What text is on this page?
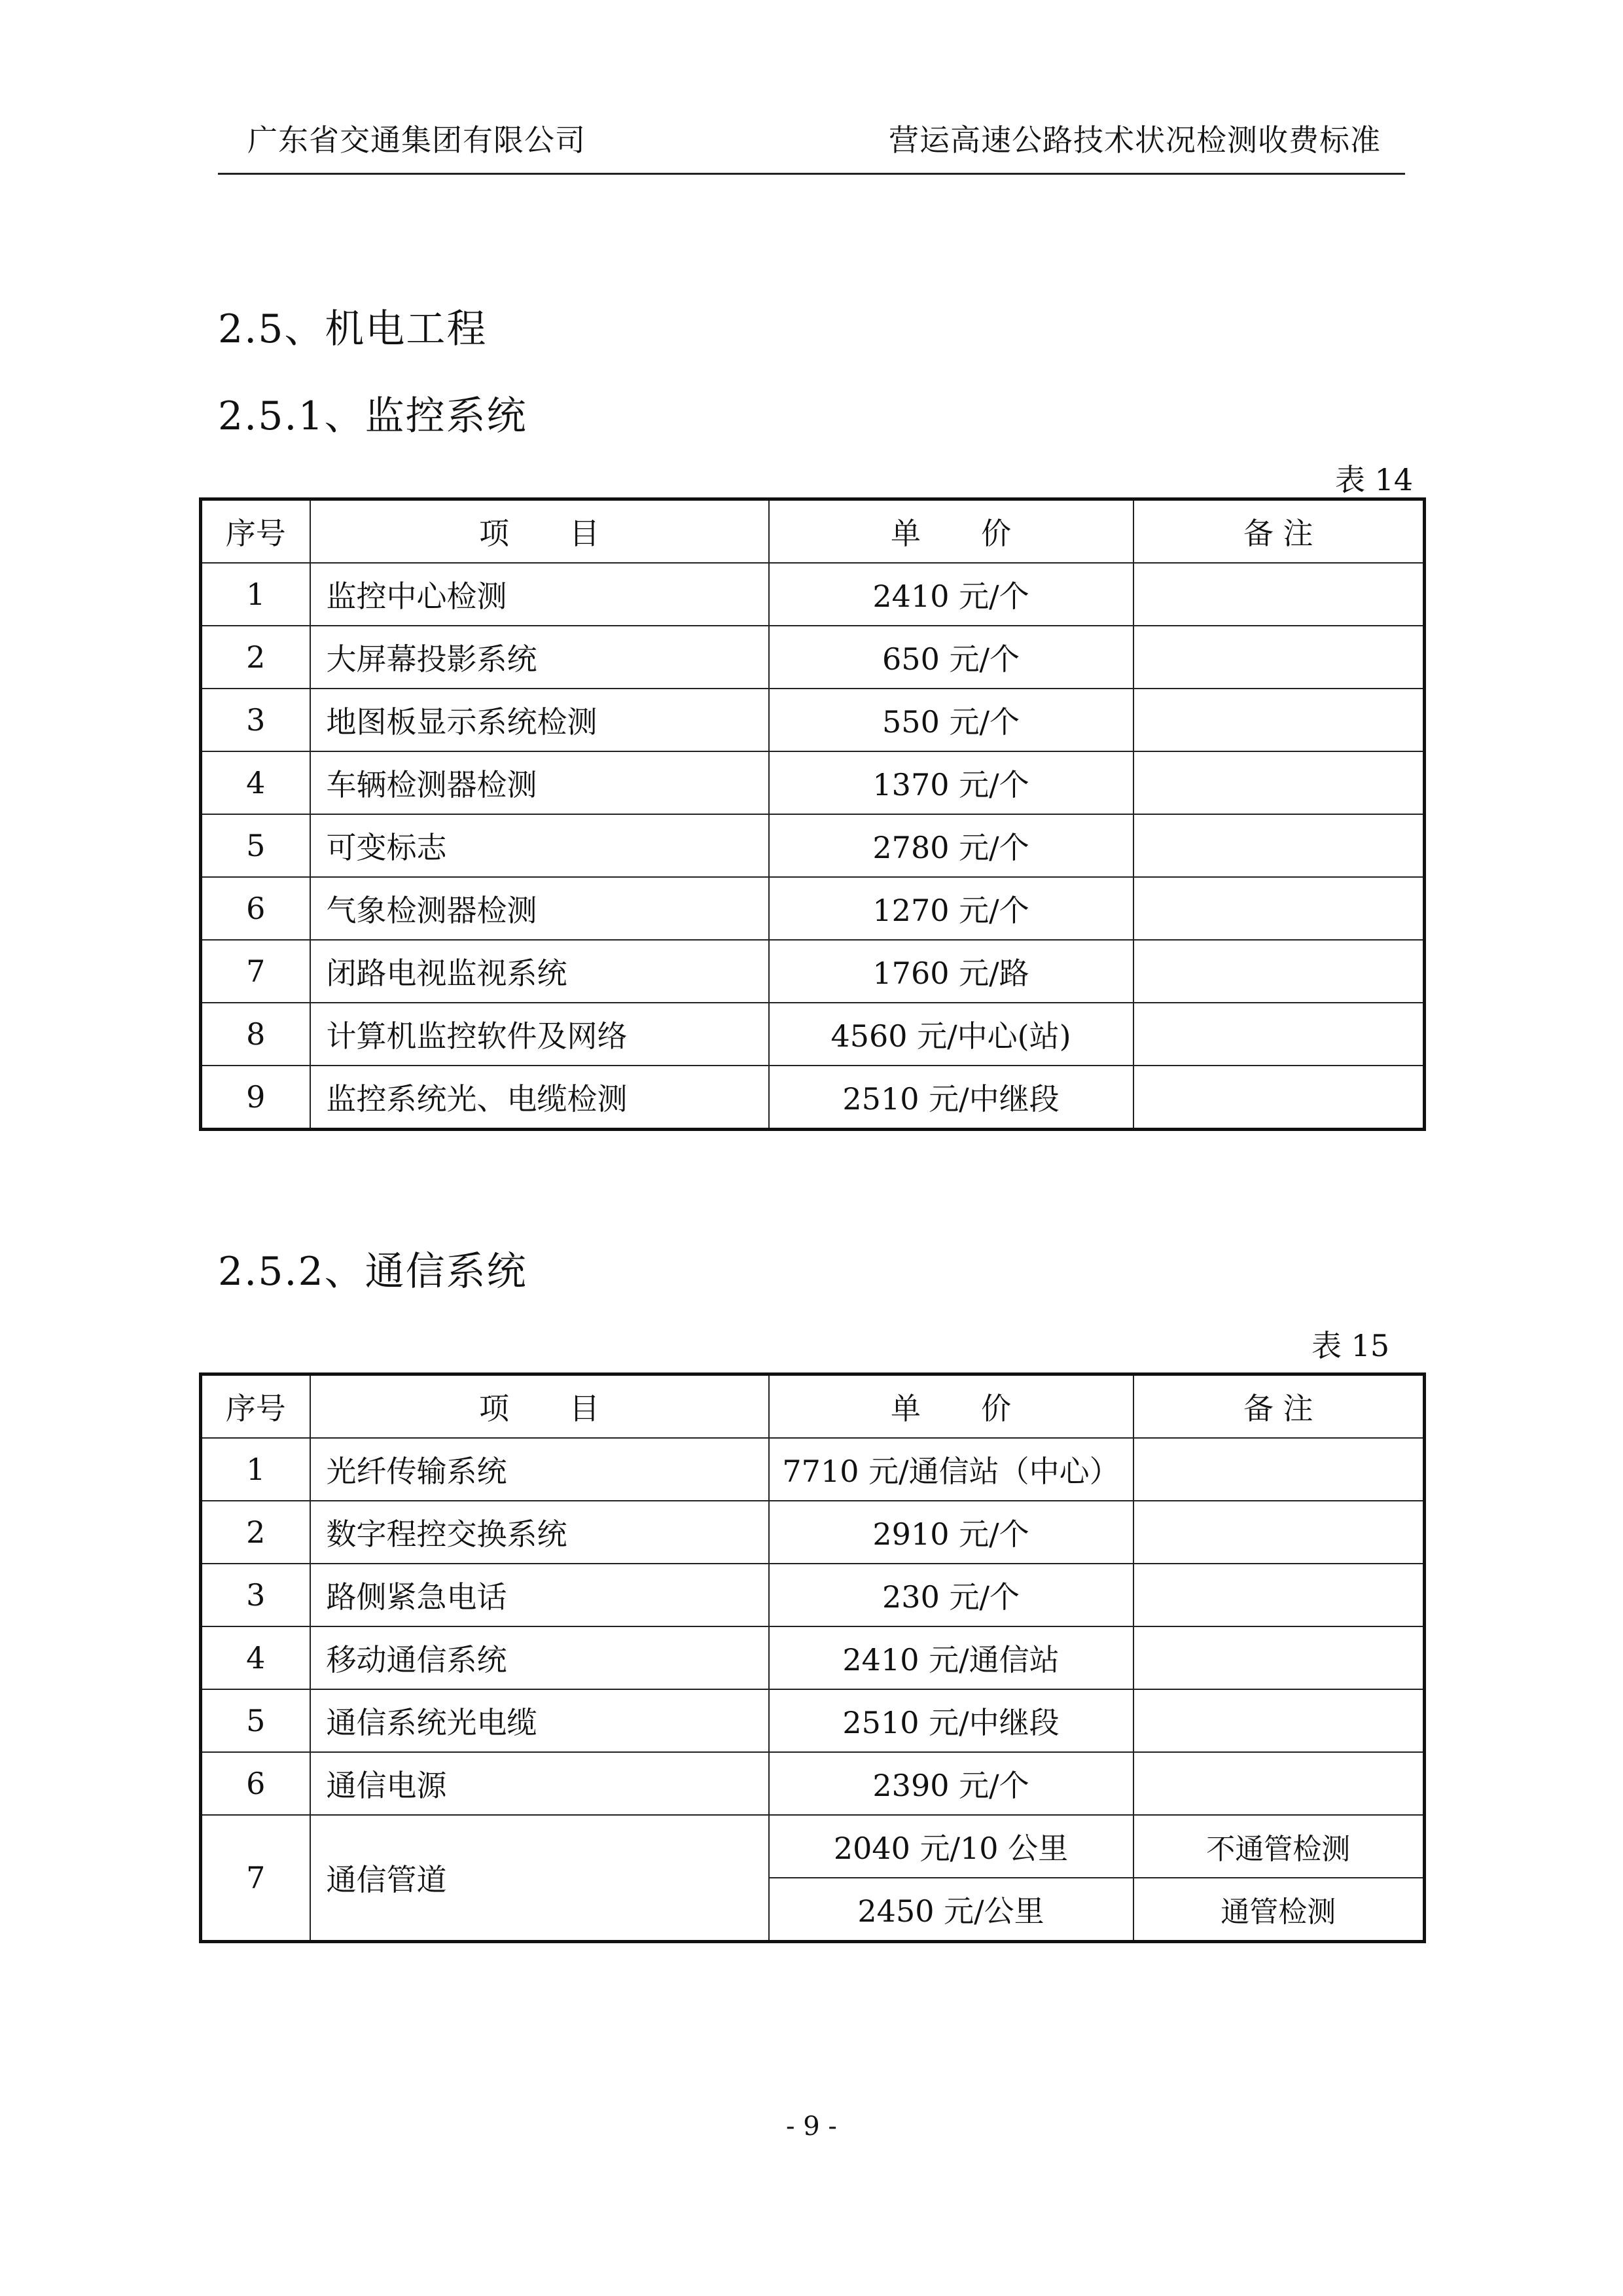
广东省交通集团有限公司	营运高速公路技术状况检测收费标准
2.5、机电工程
2.5.1、监控系统
表 14
序号	项　　目	单　　价	备 注
1	监控中心检测	2410 元/个	
2	大屏幕投影系统	650 元/个	
3	地图板显示系统检测	550 元/个	
4	车辆检测器检测	1370 元/个	
5	可变标志	2780 元/个	
6	气象检测器检测	1270 元/个	
7	闭路电视监视系统	1760 元/路	
8	计算机监控软件及网络	4560 元/中心(站)	
9	监控系统光、电缆检测	2510 元/中继段	
2.5.2、通信系统
表 15
序号	项　　目	单　　价	备 注
1	光纤传输系统	7710 元/通信站（中心）	
2	数字程控交换系统	2910 元/个	
3	路侧紧急电话	230 元/个	
4	移动通信系统	2410 元/通信站	
5	通信系统光电缆	2510 元/中继段	
6	通信电源	2390 元/个	
7	通信管道	2040 元/10 公里	不通管检测
		2450 元/公里	通管检测
- 9 -
